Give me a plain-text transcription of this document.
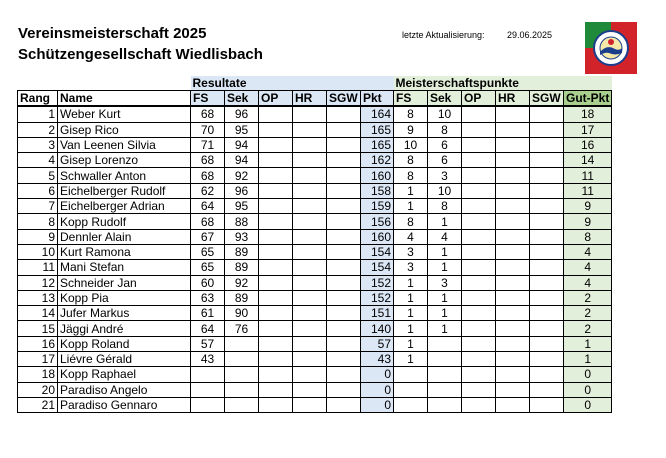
Vereinsmeisterschaft 2025
Schützengesellschaft Wiedlisbach
letzte Aktualisierung: 29.06.2025
		Resultate						Meisterschaftspunkte					
Rang	Name	FS	Sek	OP	HR	SGW	Pkt	FS	Sek	OP	HR	SGW	Gut-Pkt
1	Weber Kurt	68	96				164	8	10				18
2	Gisep Rico	70	95				165	9	8				17
3	Van Leenen Silvia	71	94				165	10	6				16
4	Gisep Lorenzo	68	94				162	8	6				14
5	Schwaller Anton	68	92				160	8	3				11
6	Eichelberger Rudolf	62	96				158	1	10				11
7	Eichelberger Adrian	64	95				159	1	8				9
8	Kopp Rudolf	68	88				156	8	1				9
9	Dennler Alain	67	93				160	4	4				8
10	Kurt Ramona	65	89				154	3	1				4
11	Mani Stefan	65	89				154	3	1				4
12	Schneider Jan	60	92				152	1	3				4
13	Kopp Pia	63	89				152	1	1				2
14	Jufer Markus	61	90				151	1	1				2
15	Jäggi André	64	76				140	1	1				2
16	Kopp Roland	57					57	1					1
17	Liévre Gérald	43					43	1					1
18	Kopp Raphael						0						0
20	Paradiso Angelo						0						0
21	Paradiso Gennaro						0						0
